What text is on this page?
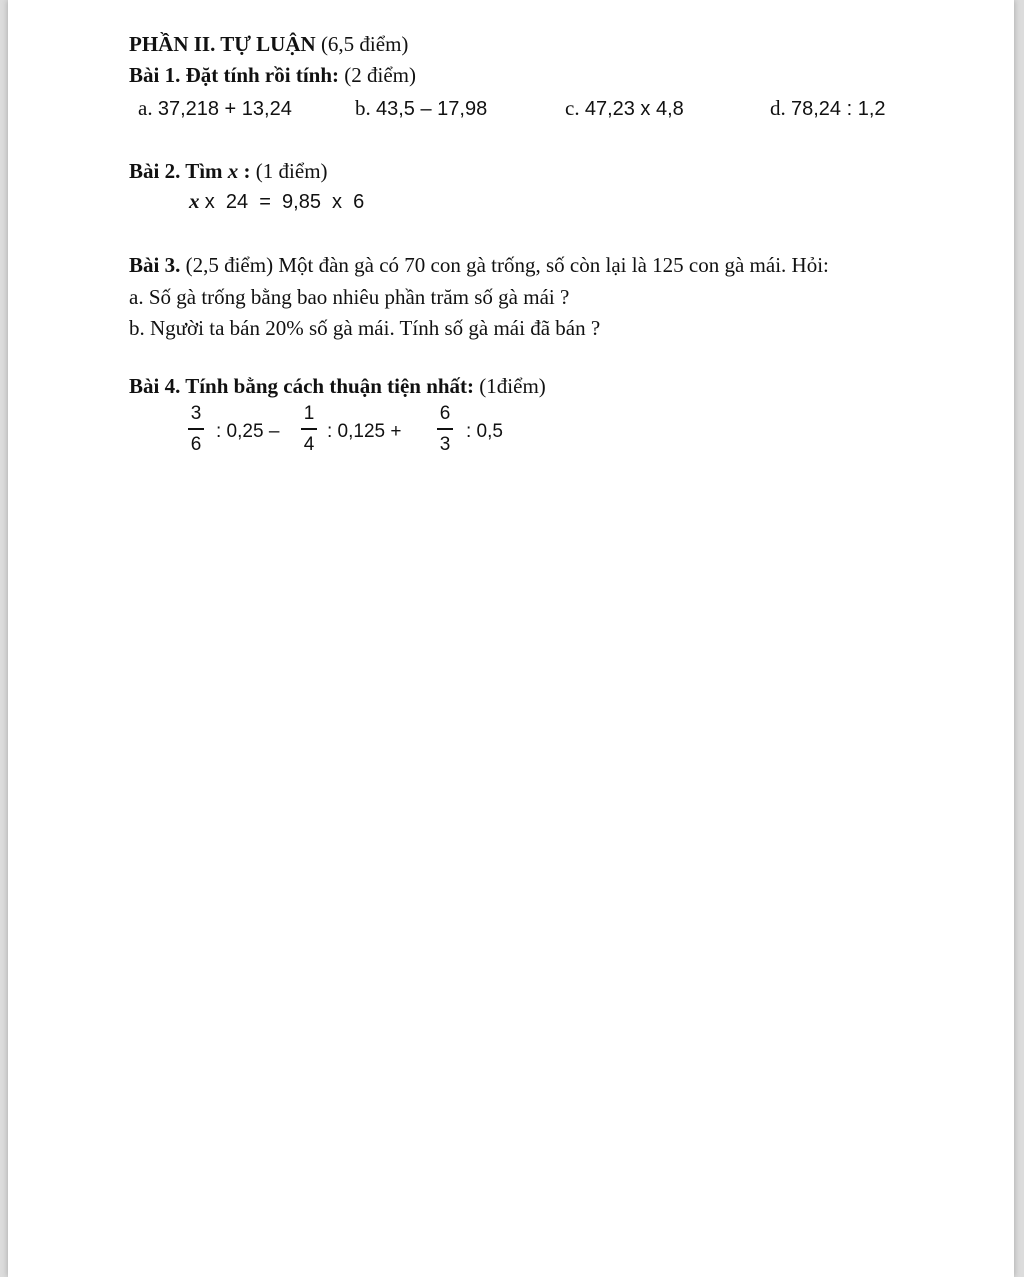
PHẦN II. TỰ LUẬN (6,5 điểm)
Bài 1. Đặt tính rồi tính: (2 điểm)
a. 37,218 + 13,24	b. 43,5 – 17,98	c. 47,23 x 4,8	d. 78,24 : 1,2
Bài 2. Tìm x : (1 điểm)
x x  24  =  9,85  x  6
Bài 3. (2,5 điểm) Một đàn gà có 70 con gà trống, số còn lại là 125 con gà mái. Hỏi:
a. Số gà trống bằng bao nhiêu phần trăm số gà mái ?
b. Người ta bán 20% số gà mái. Tính số gà mái đã bán ?
Bài 4. Tính bằng cách thuận tiện nhất: (1điểm)
3
6
: 0,25 –
1
4
: 0,125 +
6
3
: 0,5
